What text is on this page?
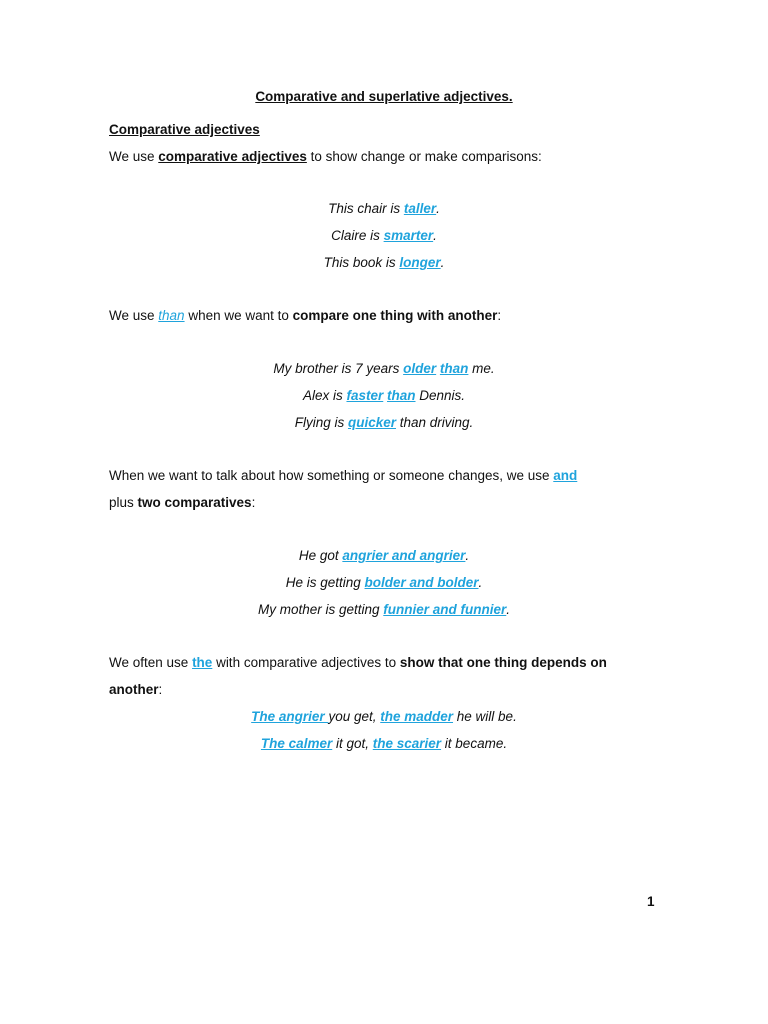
Comparative and superlative adjectives.
Comparative adjectives
We use comparative adjectives to show change or make comparisons:
This chair is taller.
Claire is smarter.
This book is longer.
We use than when we want to compare one thing with another:
My brother is 7 years older than me.
Alex is faster than Dennis.
Flying is quicker than driving.
When we want to talk about how something or someone changes, we use and
plus two comparatives:
He got angrier and angrier.
He is getting bolder and bolder.
My mother is getting funnier and funnier.
We often use the with comparative adjectives to show that one thing depends on
another:
The angrier you get, the madder he will be.
The calmer it got, the scarier it became.
1
